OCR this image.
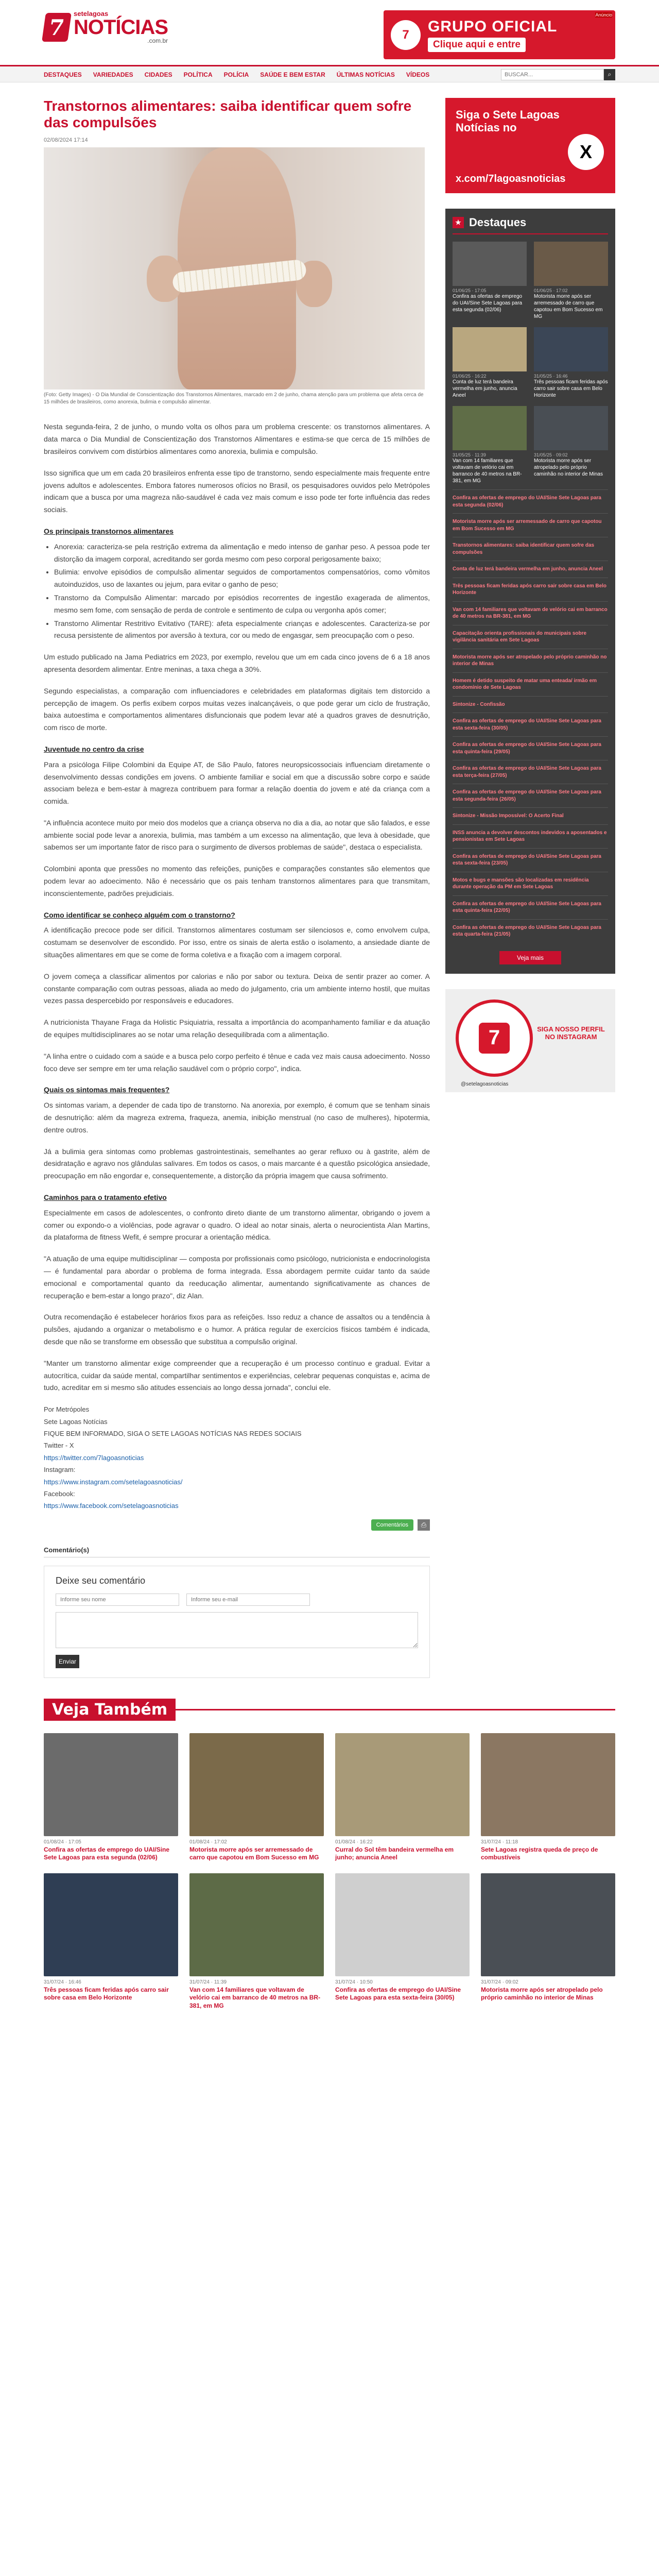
7
setelagoas
NOTÍCIAS
.com.br
Anúncio
7	GRUPO OFICIAL
Clique aqui e entre
DESTAQUES VARIEDADES CIDADES POLÍTICA POLÍCIA SAÚDE E BEM ESTAR ÚLTIMAS NOTÍCIAS VÍDEOS
BUSCAR...	⌕
Transtornos alimentares: saiba identificar quem sofre das compulsões
02/08/2024 17:14
(Foto: Getty Images) - O Dia Mundial de Conscientização dos Transtornos Alimentares, marcado em 2 de junho, chama atenção para um problema que afeta cerca de 15 milhões de brasileiros, como anorexia, bulimia e compulsão alimentar.

Nesta segunda-feira, 2 de junho, o mundo volta os olhos para um problema crescente: os transtornos alimentares. A data marca o Dia Mundial de Conscientização dos Transtornos Alimentares e estima-se que cerca de 15 milhões de brasileiros convivem com distúrbios alimentares como anorexia, bulimia e compulsão.

Isso significa que um em cada 20 brasileiros enfrenta esse tipo de transtorno, sendo especialmente mais frequente entre jovens adultos e adolescentes. Embora fatores numerosos ofícios no Brasil, os pesquisadores ouvidos pelo Metrópoles indicam que a busca por uma magreza não-saudável é cada vez mais comum e isso pode ter forte influência das redes sociais.

Os principais transtornos alimentares
• Anorexia: caracteriza-se pela restrição extrema da alimentação e medo intenso de ganhar peso. A pessoa pode ter distorção da imagem corporal, acreditando ser gorda mesmo com peso corporal perigosamente baixo;
• Bulimia: envolve episódios de compulsão alimentar seguidos de comportamentos compensatórios, como vômitos autoinduzidos, uso de laxantes ou jejum, para evitar o ganho de peso;
• Transtorno da Compulsão Alimentar: marcado por episódios recorrentes de ingestão exagerada de alimentos, mesmo sem fome, com sensação de perda de controle e sentimento de culpa ou vergonha após comer;
• Transtorno Alimentar Restritivo Evitativo (TARE): afeta especialmente crianças e adolescentes. Caracteriza-se por recusa persistente de alimentos por aversão à textura, cor ou medo de engasgar, sem preocupação com o peso.

Um estudo publicado na Jama Pediatrics em 2023, por exemplo, revelou que um em cada cinco jovens de 6 a 18 anos apresenta desordem alimentar. Entre meninas, a taxa chega a 30%.

Segundo especialistas, a comparação com influenciadores e celebridades em plataformas digitais tem distorcido a percepção de imagem. Os perfis exibem corpos muitas vezes inalcançáveis, o que pode gerar um ciclo de frustração, baixa autoestima e comportamentos alimentares disfuncionais que podem levar até a quadros graves de desnutrição, com risco de morte.

Juventude no centro da crise

Para a psicóloga Filipe Colombini da Equipe AT, de São Paulo, fatores neuropsicossociais influenciam diretamente o desenvolvimento dessas condições em jovens. O ambiente familiar e social em que a discussão sobre corpo e saúde associam beleza e bem-estar à magreza contribuem para formar a relação doentia do jovem e até da criança com a comida.

"A influência acontece muito por meio dos modelos que a criança observa no dia a dia, ao notar que são falados, e esse ambiente social pode levar a anorexia, bulimia, mas também a um excesso na alimentação, que leva à obesidade, que sabemos ser um importante fator de risco para o surgimento de diversos problemas de saúde", destaca o especialista.

Colombini aponta que pressões no momento das refeições, punições e comparações constantes são elementos que podem levar ao adoecimento. Não é necessário que os pais tenham transtornos alimentares para que transmitam, inconscientemente, padrões prejudiciais.

Como identificar se conheço alguém com o transtorno?

A identificação precoce pode ser difícil. Transtornos alimentares costumam ser silenciosos e, como envolvem culpa, costumam se desenvolver de escondido. Por isso, entre os sinais de alerta estão o isolamento, a ansiedade diante de situações alimentares em que se come de forma coletiva e a fixação com a imagem corporal.

O jovem começa a classificar alimentos por calorias e não por sabor ou textura. Deixa de sentir prazer ao comer. A constante comparação com outras pessoas, aliada ao medo do julgamento, cria um ambiente interno hostil, que muitas vezes passa despercebido por responsáveis e educadores.

A nutricionista Thayane Fraga da Holistic Psiquiatria, ressalta a importância do acompanhamento familiar e da atuação de equipes multidisciplinares ao se notar uma relação desequilibrada com a alimentação.

"A linha entre o cuidado com a saúde e a busca pelo corpo perfeito é tênue e cada vez mais causa adoecimento. Nosso foco deve ser sempre em ter uma relação saudável com o próprio corpo", indica.

Quais os sintomas mais frequentes?

Os sintomas variam, a depender de cada tipo de transtorno. Na anorexia, por exemplo, é comum que se tenham sinais de desnutrição: além da magreza extrema, fraqueza, anemia, inibição menstrual (no caso de mulheres), hipotermia, dentre outros.

Já a bulimia gera sintomas como problemas gastrointestinais, semelhantes ao gerar refluxo ou à gastrite, além de desidratação e agravo nos glândulas salivares. Em todos os casos, o mais marcante é a questão psicológica ansiedade, preocupação em não engordar e, consequentemente, a distorção da própria imagem que causa sofrimento.

Caminhos para o tratamento efetivo

Especialmente em casos de adolescentes, o confronto direto diante de um transtorno alimentar, obrigando o jovem a comer ou expondo-o a violências, pode agravar o quadro. O ideal ao notar sinais, alerta o neurocientista Alan Martins, da plataforma de fitness Wefit, é sempre procurar a orientação médica.

"A atuação de uma equipe multidisciplinar — composta por profissionais como psicólogo, nutricionista e endocrinologista — é fundamental para abordar o problema de forma integrada. Essa abordagem permite cuidar tanto da saúde emocional e comportamental quanto da reeducação alimentar, aumentando significativamente as chances de recuperação e bem-estar a longo prazo", diz Alan.

Outra recomendação é estabelecer horários fixos para as refeições. Isso reduz a chance de assaltos ou a tendência à pulsões, ajudando a organizar o metabolismo e o humor. A prática regular de exercícios físicos também é indicada, desde que não se transforme em obsessão que substitua a compulsão original.

"Manter um transtorno alimentar exige compreender que a recuperação é um processo contínuo e gradual. Evitar a autocrítica, cuidar da saúde mental, compartilhar sentimentos e experiências, celebrar pequenas conquistas e, acima de tudo, acreditar em si mesmo são atitudes essenciais ao longo dessa jornada", conclui ele.

Por Metrópoles
Sete Lagoas Notícias
FIQUE BEM INFORMADO, SIGA O SETE LAGOAS NOTÍCIAS NAS REDES SOCIAIS
Twitter - X
https://twitter.com/7lagoasnoticias
Instagram:
https://www.instagram.com/setelagoasnoticias/
Facebook:
https://www.facebook.com/setelagoasnoticias
Comentários	⎙
Comentário(s)
Deixe seu comentário
Informe seu nome
Informe seu e-mail
Enviar
Siga o Sete Lagoas Notícias no
X
x.com/7lagoasnoticias
★ Destaques
01/06/25 · 17:05
Confira as ofertas de emprego do UAI/Sine Sete Lagoas para esta segunda (02/06)
01/06/25 · 17:02
Motorista morre após ser arremessado de carro que capotou em Bom Sucesso em MG
01/06/25 · 16:22
Conta de luz terá bandeira vermelha em junho, anuncia Aneel
31/05/25 · 16:46
Três pessoas ficam feridas após carro sair sobre casa em Belo Horizonte
31/05/25 · 11:39
Van com 14 familiares que voltavam de velório cai em barranco de 40 metros na BR-381, em MG
31/05/25 · 09:02
Motorista morre após ser atropelado pelo próprio caminhão no interior de Minas
Confira as ofertas de emprego do UAI/Sine Sete Lagoas para esta segunda (02/06)
Motorista morre após ser arremessado de carro que capotou em Bom Sucesso em MG
Transtornos alimentares: saiba identificar quem sofre das compulsões
Conta de luz terá bandeira vermelha em junho, anuncia Aneel
Três pessoas ficam feridas após carro sair sobre casa em Belo Horizonte
Van com 14 familiares que voltavam de velório cai em barranco de 40 metros na BR-381, em MG
Capacitação orienta profissionais do municipais sobre vigilância sanitária em Sete Lagoas
Motorista morre após ser atropelado pelo próprio caminhão no interior de Minas
Homem é detido suspeito de matar uma enteada/ irmão em condomínio de Sete Lagoas
Sintonize - Confissão
Confira as ofertas de emprego do UAI/Sine Sete Lagoas para esta sexta-feira (30/05)
Confira as ofertas de emprego do UAI/Sine Sete Lagoas para esta quinta-feira (29/05)
Confira as ofertas de emprego do UAI/Sine Sete Lagoas para esta terça-feira (27/05)
Confira as ofertas de emprego do UAI/Sine Sete Lagoas para esta segunda-feira (26/05)
Sintonize - Missão Impossível: O Acerto Final
INSS anuncia a devolver descontos indevidos a aposentados e pensionistas em Sete Lagoas
Confira as ofertas de emprego do UAI/Sine Sete Lagoas para esta sexta-feira (23/05)
Motos e bugs e mansões são localizadas em residência durante operação da PM em Sete Lagoas
Confira as ofertas de emprego do UAI/Sine Sete Lagoas para esta quinta-feira (22/05)
Confira as ofertas de emprego do UAI/Sine Sete Lagoas para esta quarta-feira (21/05)
Veja mais
7	SIGA NOSSO PERFIL NO INSTAGRAM
@setelagoasnoticias
Veja Também
01/08/24 · 17:05
Confira as ofertas de emprego do UAI/Sine Sete Lagoas para esta segunda (02/06)
01/08/24 · 17:02
Motorista morre após ser arremessado de carro que capotou em Bom Sucesso em MG
01/08/24 · 16:22
Curral do Sol têm bandeira vermelha em junho; anuncia Aneel
31/07/24 · 11:18
Sete Lagoas registra queda de preço de combustíveis
31/07/24 · 16:46
Três pessoas ficam feridas após carro sair sobre casa em Belo Horizonte
31/07/24 · 11:39
Van com 14 familiares que voltavam de velório cai em barranco de 40 metros na BR-381, em MG
31/07/24 · 10:50
Confira as ofertas de emprego do UAI/Sine Sete Lagoas para esta sexta-feira (30/05)
31/07/24 · 09:02
Motorista morre após ser atropelado pelo próprio caminhão no interior de Minas
